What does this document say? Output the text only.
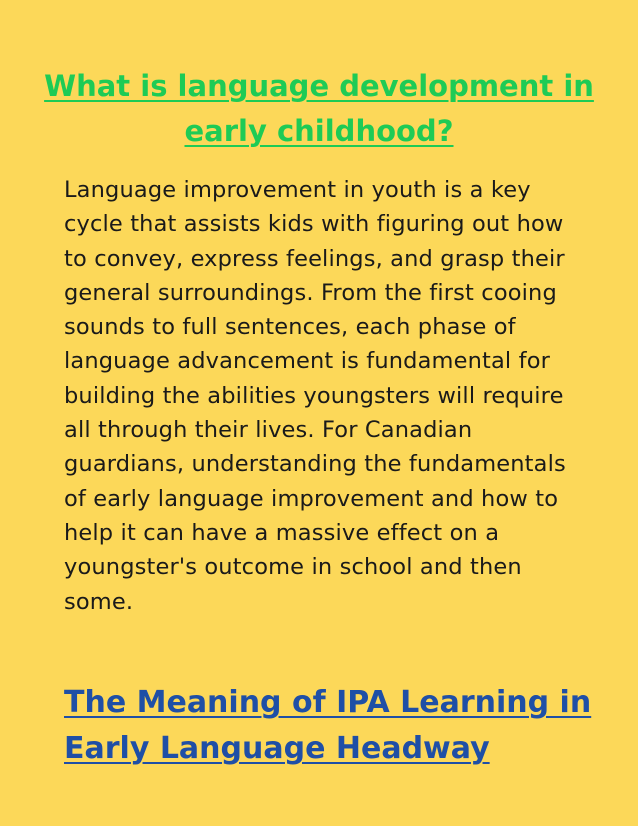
What is language development in early childhood?

Language improvement in youth is a key cycle that assists kids with figuring out how to convey, express feelings, and grasp their general surroundings. From the first cooing sounds to full sentences, each phase of language advancement is fundamental for building the abilities youngsters will require all through their lives. For Canadian guardians, understanding the fundamentals of early language improvement and how to help it can have a massive effect on a youngster's outcome in school and then some.

The Meaning of IPA Learning in Early Language Headway
